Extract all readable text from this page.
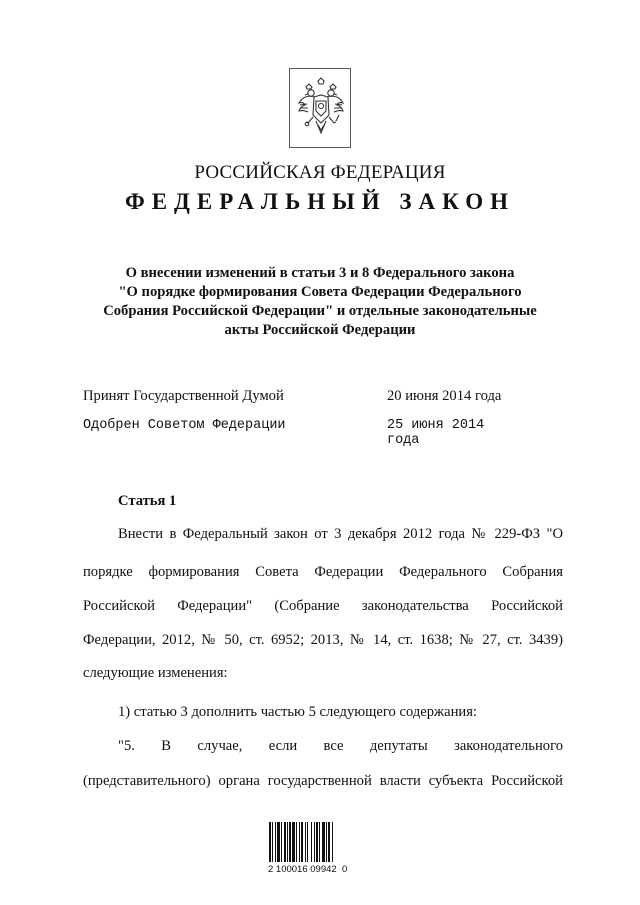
РОССИЙСКАЯ ФЕДЕРАЦИЯ
ФЕДЕРАЛЬНЫЙ ЗАКОН
О внесении изменений в статьи 3 и 8 Федерального закона
"О порядке формирования Совета Федерации Федерального
Собрания Российской Федерации" и отдельные законодательные
акты Российской Федерации
Принят Государственной Думой	20 июня 2014 года
Одобрен Советом Федерации	25 июня 2014 года
Статья 1
Внести в Федеральный закон от 3 декабря 2012 года № 229-ФЗ "О
порядке формирования Совета Федерации Федерального Собрания
Российской Федерации" (Собрание законодательства Российской
Федерации, 2012, № 50, ст. 6952; 2013, № 14, ст. 1638; № 27, ст. 3439)
следующие изменения:
1) статью 3 дополнить частью 5 следующего содержания:
"5. В случае, если все депутаты законодательного
(представительного) органа государственной власти субъекта Российской
2 100016 09942  0
